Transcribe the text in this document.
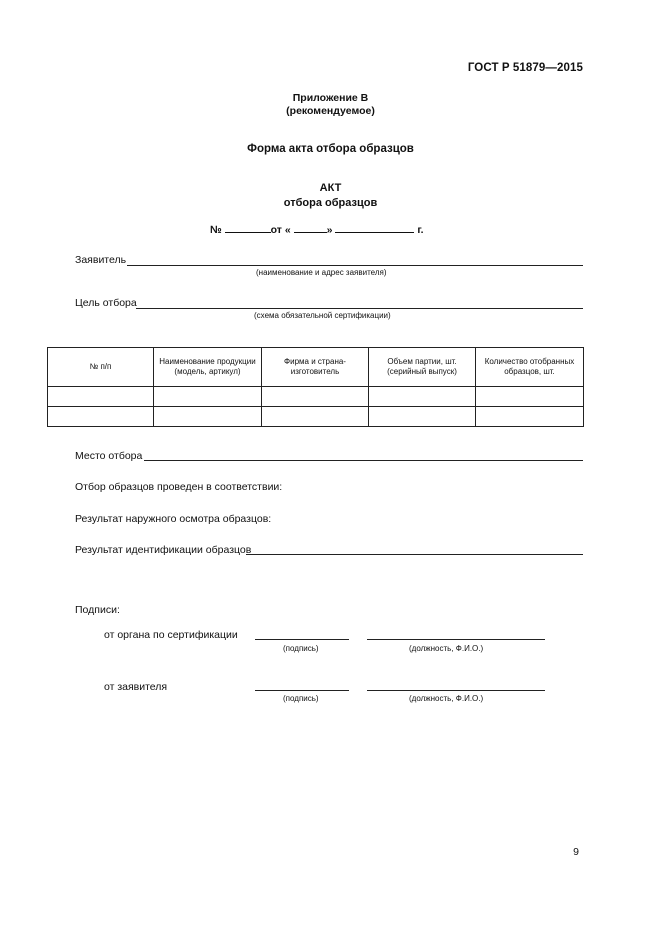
ГОСТ Р 51879—2015
Приложение В
(рекомендуемое)
Форма акта отбора образцов
АКТ
отбора образцов
№	от «	»	г.
Заявитель
(наименование и адрес заявителя)
Цель отбора
(схема обязательной сертификации)
№ п/п	Наименование продукции (модель, артикул)	Фирма и страна-изготовитель	Объем партии, шт. (серийный выпуск)	Количество отобранных образцов, шт.

Место отбора
Отбор образцов проведен в соответствии:
Результат наружного осмотра образцов:
Результат идентификации образцов
Подписи:
от органа по сертификации
(подпись)	(должность, Ф.И.О.)
от заявителя
(подпись)	(должность, Ф.И.О.)
9
